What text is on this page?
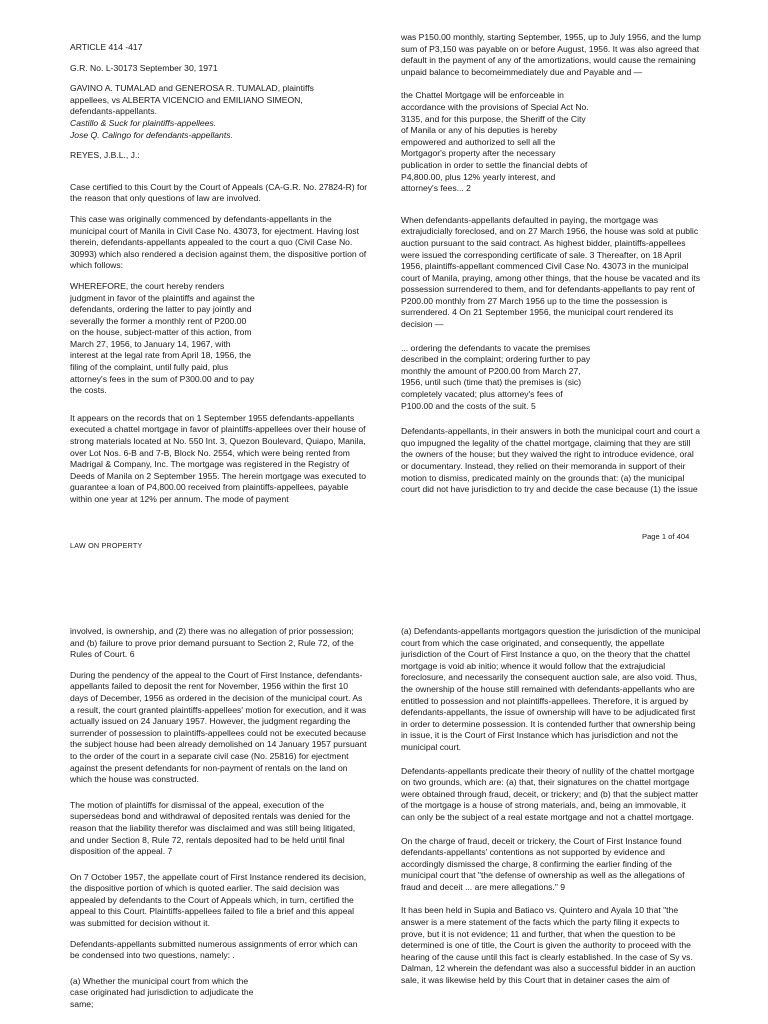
ARTICLE 414 -417

G.R. No. L-30173 September 30, 1971

GAVINO A. TUMALAD and GENEROSA R. TUMALAD, plaintiffs
appellees, vs ALBERTA VICENCIO and EMILIANO SIMEON,
defendants-appellants.
Castillo & Suck for plaintiffs-appellees.
Jose Q. Calingo for defendants-appellants.

REYES, J.B.L., J.:

Case certified to this Court by the Court of Appeals (CA-G.R. No. 27824-R) for the reason that only questions of law are involved.

This case was originally commenced by defendants-appellants in the municipal court of Manila in Civil Case No. 43073, for ejectment. Having lost therein, defendants-appellants appealed to the court a quo (Civil Case No. 30993) which also rendered a decision against them, the dispositive portion of which follows:

WHEREFORE, the court hereby renders judgment in favor of the plaintiffs and against the defendants, ordering the latter to pay jointly and severally the former a monthly rent of P200.00 on the house, subject-matter of this action, from March 27, 1956, to January 14, 1967, with interest at the legal rate from April 18, 1956, the filing of the complaint, until fully paid, plus attorney's fees in the sum of P300.00 and to pay the costs.

It appears on the records that on 1 September 1955 defendants-appellants executed a chattel mortgage in favor of plaintiffs-appellees over their house of strong materials located at No. 550 Int. 3, Quezon Boulevard, Quiapo, Manila, over Lot Nos. 6-B and 7-B, Block No. 2554, which were being rented from Madrigal & Company, Inc. The mortgage was registered in the Registry of Deeds of Manila on 2 September 1955. The herein mortgage was executed to guarantee a loan of P4,800.00 received from plaintiffs-appellees, payable within one year at 12% per annum. The mode of payment

was P150.00 monthly, starting September, 1955, up to July 1956, and the lump sum of P3,150 was payable on or before August, 1956. It was also agreed that default in the payment of any of the amortizations, would cause the remaining unpaid balance to becomeimmediately due and Payable and —

the Chattel Mortgage will be enforceable in accordance with the provisions of Special Act No. 3135, and for this purpose, the Sheriff of the City of Manila or any of his deputies is hereby empowered and authorized to sell all the Mortgagor's property after the necessary publication in order to settle the financial debts of P4,800.00, plus 12% yearly interest, and attorney's fees... 2

When defendants-appellants defaulted in paying, the mortgage was extrajudicially foreclosed, and on 27 March 1956, the house was sold at public auction pursuant to the said contract. As highest bidder, plaintiffs-appellees were issued the corresponding certificate of sale. 3 Thereafter, on 18 April 1956, plaintiffs-appellant commenced Civil Case No. 43073 in the municipal court of Manila, praying, among other things, that the house be vacated and its possession surrendered to them, and for defendants-appellants to pay rent of P200.00 monthly from 27 March 1956 up to the time the possession is surrendered. 4 On 21 September 1956, the municipal court rendered its decision —

... ordering the defendants to vacate the premises described in the complaint; ordering further to pay monthly the amount of P200.00 from March 27, 1956, until such (time that) the premises is (sic) completely vacated; plus attorney's fees of P100.00 and the costs of the suit. 5

Defendants-appellants, in their answers in both the municipal court and court a quo impugned the legality of the chattel mortgage, claiming that they are still the owners of the house; but they waived the right to introduce evidence, oral or documentary. Instead, they relied on their memoranda in support of their motion to dismiss, predicated mainly on the grounds that: (a) the municipal court did not have jurisdiction to try and decide the case because (1) the issue

LAW ON PROPERTY
Page 1 of 404

involved, is ownership, and (2) there was no allegation of prior possession; and (b) failure to prove prior demand pursuant to Section 2, Rule 72, of the Rules of Court. 6

During the pendency of the appeal to the Court of First Instance, defendants-appellants failed to deposit the rent for November, 1956 within the first 10 days of December, 1956 as ordered in the decision of the municipal court. As a result, the court granted plaintiffs-appellees' motion for execution, and it was actually issued on 24 January 1957. However, the judgment regarding the surrender of possession to plaintiffs-appellees could not be executed because the subject house had been already demolished on 14 January 1957 pursuant to the order of the court in a separate civil case (No. 25816) for ejectment against the present defendants for non-payment of rentals on the land on which the house was constructed.

The motion of plaintiffs for dismissal of the appeal, execution of the supersedeas bond and withdrawal of deposited rentals was denied for the reason that the liability therefor was disclaimed and was still being litigated, and under Section 8, Rule 72, rentals deposited had to be held until final disposition of the appeal. 7

On 7 October 1957, the appellate court of First Instance rendered its decision, the dispositive portion of which is quoted earlier. The said decision was appealed by defendants to the Court of Appeals which, in turn, certified the appeal to this Court. Plaintiffs-appellees failed to file a brief and this appeal was submitted for decision without it.

Defendants-appellants submitted numerous assignments of error which can be condensed into two questions, namely: .

(a) Whether the municipal court from which the case originated had jurisdiction to adjudicate the same;

(a) Defendants-appellants mortgagors question the jurisdiction of the municipal court from which the case originated, and consequently, the appellate jurisdiction of the Court of First Instance a quo, on the theory that the chattel mortgage is void ab initio; whence it would follow that the extrajudicial foreclosure, and necessarily the consequent auction sale, are also void. Thus, the ownership of the house still remained with defendants-appellants who are entitled to possession and not plaintiffs-appellees. Therefore, it is argued by defendants-appellants, the issue of ownership will have to be adjudicated first in order to determine possession. It is contended further that ownership being in issue, it is the Court of First Instance which has jurisdiction and not the municipal court.

Defendants-appellants predicate their theory of nullity of the chattel mortgage on two grounds, which are: (a) that, their signatures on the chattel mortgage were obtained through fraud, deceit, or trickery; and (b) that the subject matter of the mortgage is a house of strong materials, and, being an immovable, it can only be the subject of a real estate mortgage and not a chattel mortgage.

On the charge of fraud, deceit or trickery, the Court of First Instance found defendants-appellants' contentions as not supported by evidence and accordingly dismissed the charge, 8 confirming the earlier finding of the municipal court that "the defense of ownership as well as the allegations of fraud and deceit ... are mere allegations." 9

It has been held in Supia and Batiaco vs. Quintero and Ayala 10 that "the answer is a mere statement of the facts which the party filing it expects to prove, but it is not evidence; 11 and further, that when the question to be determined is one of title, the Court is given the authority to proceed with the hearing of the cause until this fact is clearly established. In the case of Sy vs. Dalman, 12 wherein the defendant was also a successful bidder in an auction sale, it was likewise held by this Court that in detainer cases the aim of
